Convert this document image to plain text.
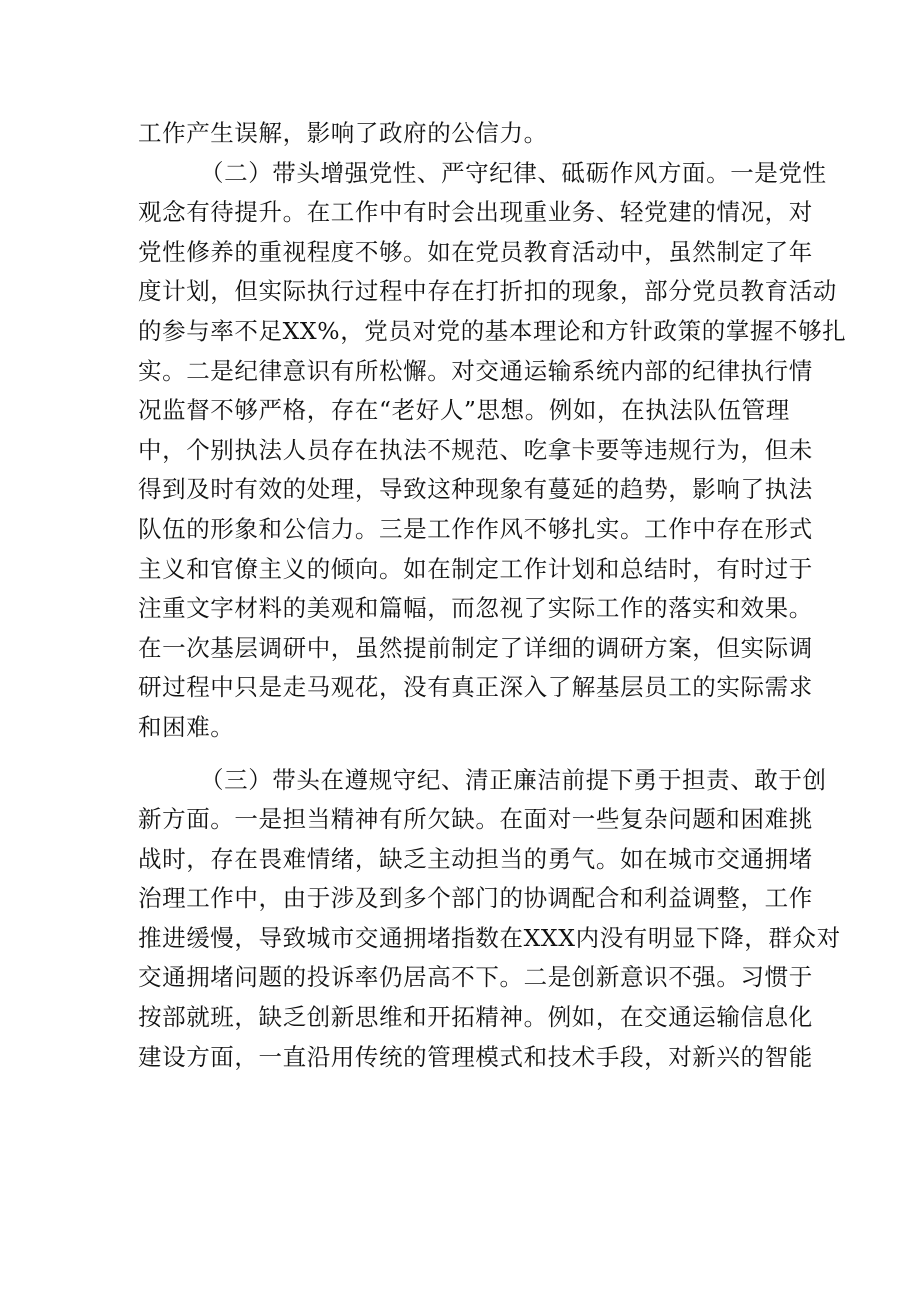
工作产生误解，影响了政府的公信力。
（二）带头增强党性、严守纪律、砥砺作风方面。一是党性
观念有待提升。在工作中有时会出现重业务、轻党建的情况，对
党性修养的重视程度不够。如在党员教育活动中，虽然制定了年
度计划，但实际执行过程中存在打折扣的现象，部分党员教育活动
的参与率不足XX%，党员对党的基本理论和方针政策的掌握不够扎
实。二是纪律意识有所松懈。对交通运输系统内部的纪律执行情
况监督不够严格，存在“老好人”思想。例如，在执法队伍管理
中，个别执法人员存在执法不规范、吃拿卡要等违规行为，但未
得到及时有效的处理，导致这种现象有蔓延的趋势，影响了执法
队伍的形象和公信力。三是工作作风不够扎实。工作中存在形式
主义和官僚主义的倾向。如在制定工作计划和总结时，有时过于
注重文字材料的美观和篇幅，而忽视了实际工作的落实和效果。
在一次基层调研中，虽然提前制定了详细的调研方案，但实际调
研过程中只是走马观花，没有真正深入了解基层员工的实际需求
和困难。
（三）带头在遵规守纪、清正廉洁前提下勇于担责、敢于创
新方面。一是担当精神有所欠缺。在面对一些复杂问题和困难挑
战时，存在畏难情绪，缺乏主动担当的勇气。如在城市交通拥堵
治理工作中，由于涉及到多个部门的协调配合和利益调整，工作
推进缓慢，导致城市交通拥堵指数在XXX内没有明显下降，群众对
交通拥堵问题的投诉率仍居高不下。二是创新意识不强。习惯于
按部就班，缺乏创新思维和开拓精神。例如，在交通运输信息化
建设方面，一直沿用传统的管理模式和技术手段，对新兴的智能
